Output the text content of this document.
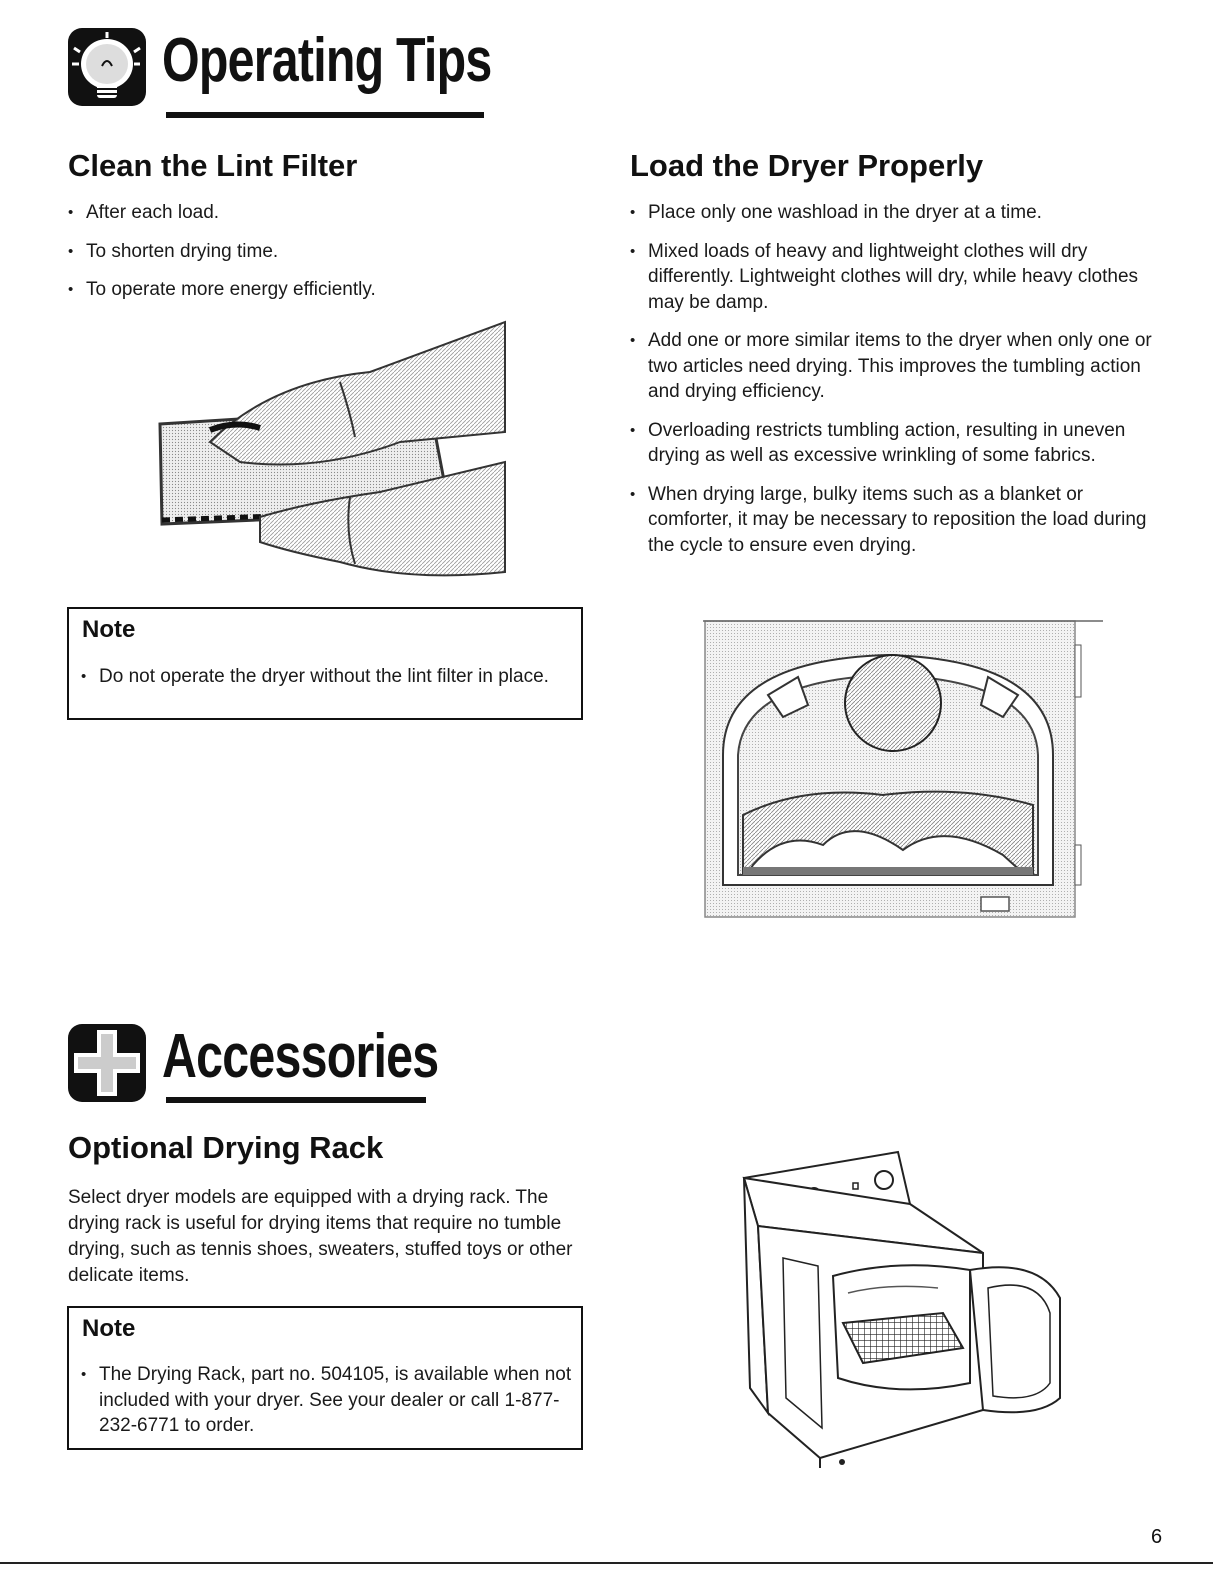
Operating Tips
Clean the Lint Filter
• After each load.
• To shorten drying time.
• To operate more energy efficiently.
Note
• Do not operate the dryer without the lint filter in place.
Load the Dryer Properly
• Place only one washload in the dryer at a time.
• Mixed loads of heavy and lightweight clothes will dry differently. Lightweight clothes will dry, while heavy clothes may be damp.
• Add one or more similar items to the dryer when only one or two articles need drying. This improves the tumbling action and drying efficiency.
• Overloading restricts tumbling action, resulting in uneven drying as well as excessive wrinkling of some fabrics.
• When drying large, bulky items such as a blanket or comforter, it may be necessary to reposition the load during the cycle to ensure even drying.
Accessories
Optional Drying Rack

Select dryer models are equipped with a drying rack. The drying rack is useful for drying items that require no tumble drying, such as tennis shoes, sweaters, stuffed toys or other delicate items.

Note
• The Drying Rack, part no. 504105, is available when not included with your dryer. See your dealer or call 1-877-232-6771 to order.
6
